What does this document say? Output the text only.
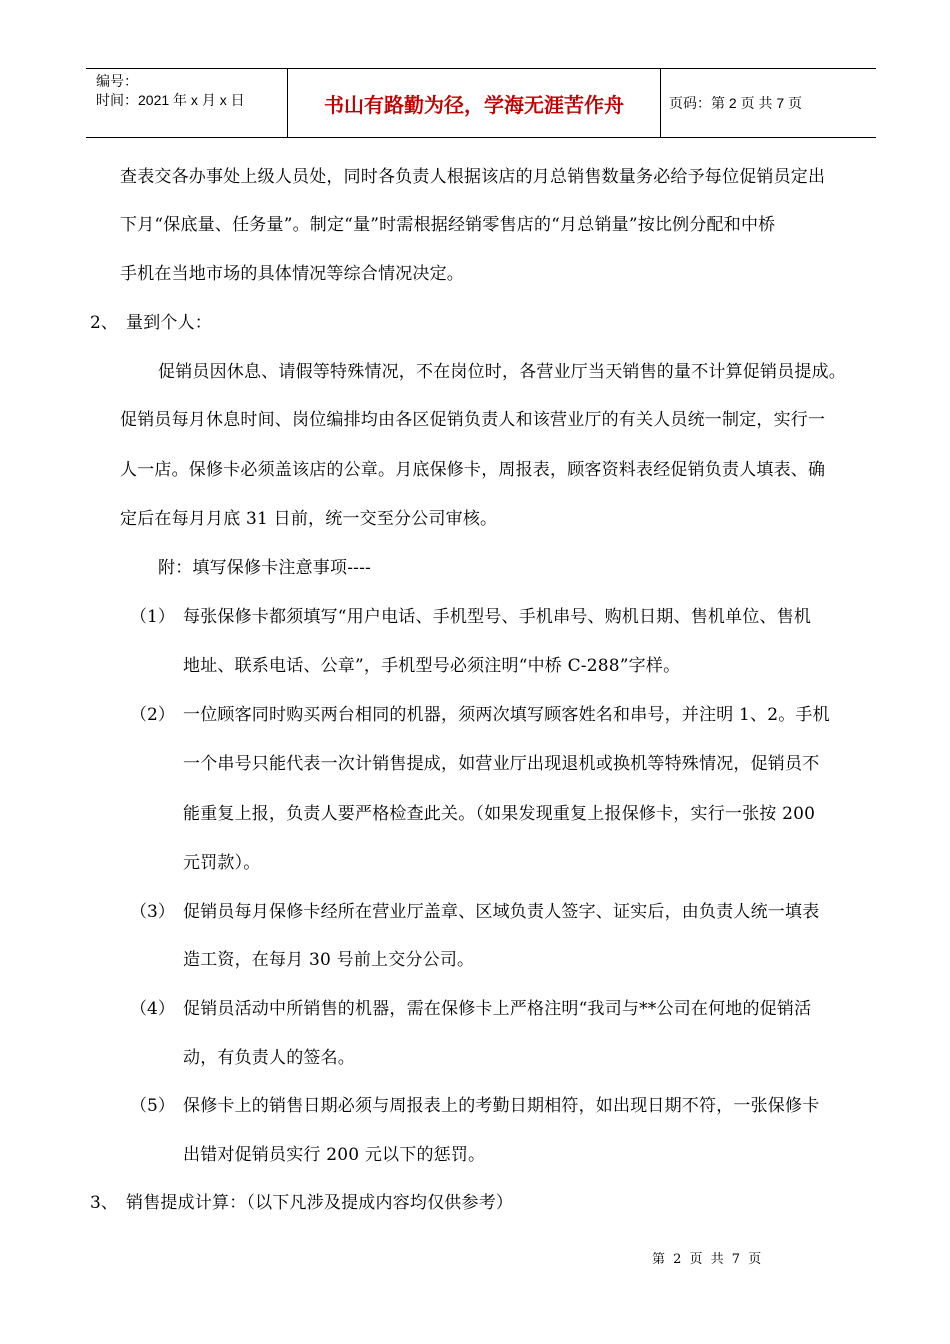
编号：
时间：2021 年 x 月 x 日	书山有路勤为径，学海无涯苦作舟	页码：第 2 页 共 7 页
查表交各办事处上级人员处，同时各负责人根据该店的月总销售数量务必给予每位促销员定出
下月“保底量、任务量”。制定“量”时需根据经销零售店的“月总销量”按比例分配和中桥
手机在当地市场的具体情况等综合情况决定。
2、 量到个人：
促销员因休息、请假等特殊情况，不在岗位时，各营业厅当天销售的量不计算促销员提成。
促销员每月休息时间、岗位编排均由各区促销负责人和该营业厅的有关人员统一制定，实行一
人一店。保修卡必须盖该店的公章。月底保修卡，周报表，顾客资料表经促销负责人填表、确
定后在每月月底 31 日前，统一交至分公司审核。
附：填写保修卡注意事项----
（1） 每张保修卡都须填写“用户电话、手机型号、手机串号、购机日期、售机单位、售机
地址、联系电话、公章”，手机型号必须注明“中桥 C-288”字样。
（2） 一位顾客同时购买两台相同的机器，须两次填写顾客姓名和串号，并注明 1、2。手机
一个串号只能代表一次计销售提成，如营业厅出现退机或换机等特殊情况，促销员不
能重复上报，负责人要严格检查此关。（如果发现重复上报保修卡，实行一张按 200
元罚款）。
（3） 促销员每月保修卡经所在营业厅盖章、区域负责人签字、证实后，由负责人统一填表
造工资，在每月 30 号前上交分公司。
（4） 促销员活动中所销售的机器，需在保修卡上严格注明“我司与**公司在何地的促销活
动，有负责人的签名。
（5） 保修卡上的销售日期必须与周报表上的考勤日期相符，如出现日期不符，一张保修卡
出错对促销员实行 200 元以下的惩罚。
3、 销售提成计算：（以下凡涉及提成内容均仅供参考）
第 2 页 共 7 页
